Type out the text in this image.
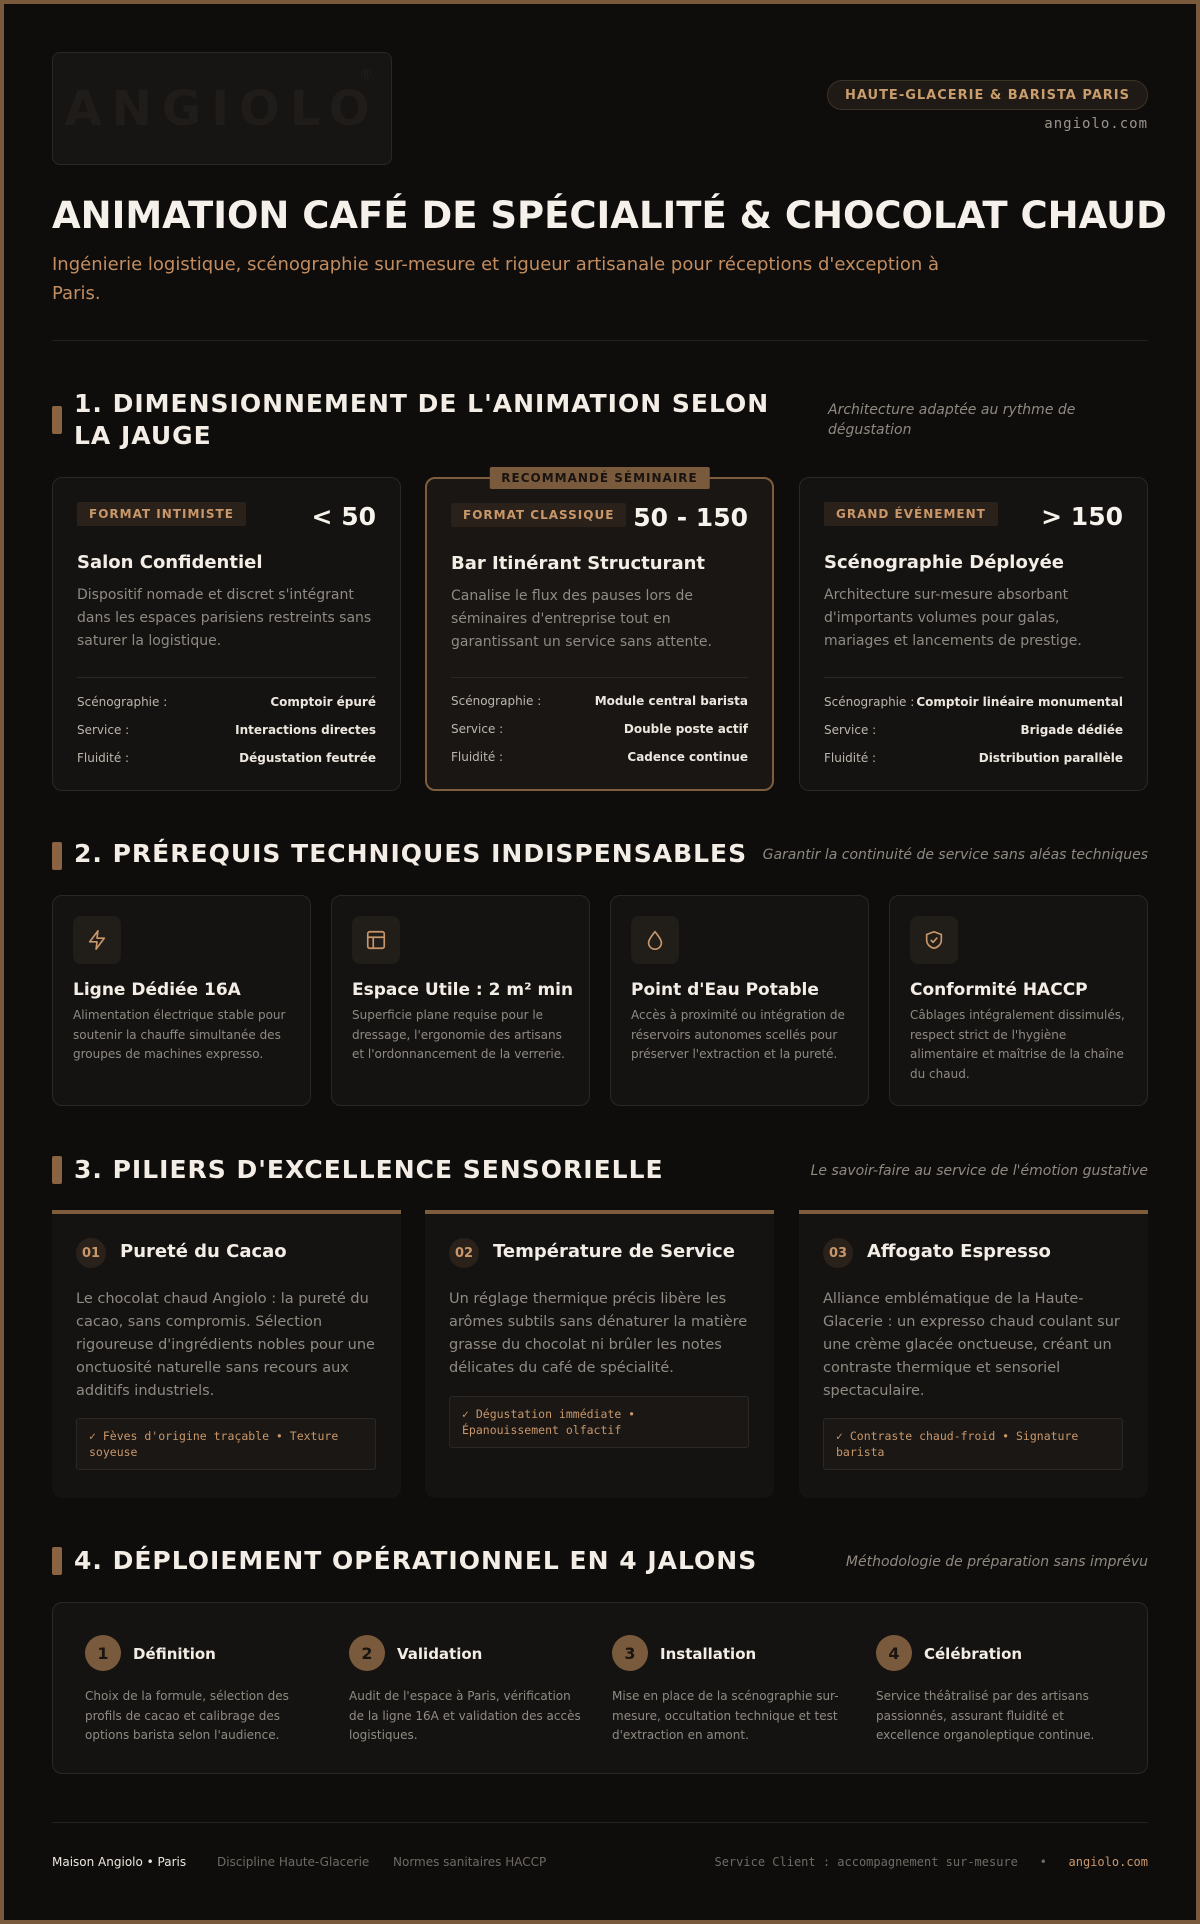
ANGIOLO
®
HAUTE-GLACERIE & BARISTA PARIS
angiolo.com
ANIMATION CAFÉ DE SPÉCIALITÉ & CHOCOLAT CHAUD

Ingénierie logistique, scénographie sur-mesure et rigueur artisanale pour réceptions d'exception à Paris.

1. DIMENSIONNEMENT DE L'ANIMATION SELON LA JAUGE

Architecture adaptée au rythme de dégustation

FORMAT INTIMISTE	< 50
Salon Confidentiel
Dispositif nomade et discret s'intégrant dans les espaces parisiens restreints sans saturer la logistique.
Scénographie :	Comptoir épuré
Service :	Interactions directes
Fluidité :	Dégustation feutrée
RECOMMANDÉ SÉMINAIRE
FORMAT CLASSIQUE 50 - 150
Bar Itinérant Structurant
Canalise le flux des pauses lors de séminaires d'entreprise tout en garantissant un service sans attente.
Scénographie :	Module central barista
Service :	Double poste actif
Fluidité :	Cadence continue
GRAND ÉVÉNEMENT	> 150
Scénographie Déployée
Architecture sur-mesure absorbant d'importants volumes pour galas, mariages et lancements de prestige.
Scénographie : Comptoir linéaire monumental
Service :	Brigade dédiée
Fluidité :	Distribution parallèle
2. PRÉREQUIS TECHNIQUES INDISPENSABLES Garantir la continuité de service sans aléas techniques

Ligne Dédiée 16A
Alimentation électrique stable pour soutenir la chauffe simultanée des groupes de machines expresso.
Espace Utile : 2 m² min
Superficie plane requise pour le dressage, l'ergonomie des artisans et l'ordonnancement de la verrerie.
Point d'Eau Potable
Accès à proximité ou intégration de réservoirs autonomes scellés pour préserver l'extraction et la pureté.
Conformité HACCP
Câblages intégralement dissimulés, respect strict de l'hygiène alimentaire et maîtrise de la chaîne du chaud.
3. PILIERS D'EXCELLENCE SENSORIELLE	Le savoir-faire au service de l'émotion gustative

01	Pureté du Cacao
Le chocolat chaud Angiolo : la pureté du cacao, sans compromis. Sélection rigoureuse d'ingrédients nobles pour une onctuosité naturelle sans recours aux additifs industriels.
✓ Fèves d'origine traçable • Texture soyeuse
02	Température de Service
Un réglage thermique précis libère les arômes subtils sans dénaturer la matière grasse du chocolat ni brûler les notes délicates du café de spécialité.
✓ Dégustation immédiate • Épanouissement olfactif
03	Affogato Espresso
Alliance emblématique de la Haute-Glacerie : un expresso chaud coulant sur une crème glacée onctueuse, créant un contraste thermique et sensoriel spectaculaire.
✓ Contraste chaud-froid • Signature barista
4. DÉPLOIEMENT OPÉRATIONNEL EN 4 JALONS	Méthodologie de préparation sans imprévu

1	Définition
Choix de la formule, sélection des profils de cacao et calibrage des options barista selon l'audience.
2	Validation
Audit de l'espace à Paris, vérification de la ligne 16A et validation des accès logistiques.
3	Installation
Mise en place de la scénographie sur-mesure, occultation technique et test d'extraction en amont.
4	Célébration
Service théâtralisé par des artisans passionnés, assurant fluidité et excellence organoleptique continue.
Maison Angiolo • Paris	Discipline Haute-Glacerie Normes sanitaires HACCP	Service Client : accompagnement sur-mesure • angiolo.com
